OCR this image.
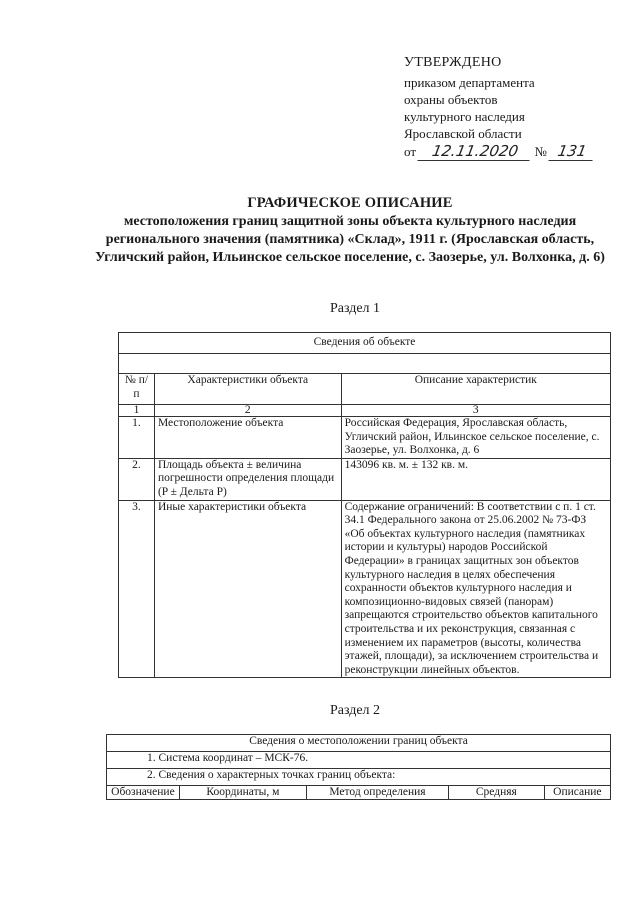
УТВЕРЖДЕНО
приказом департамента
охраны объектов
культурного наследия
Ярославской области
от 12.11.2020 № 131
ГРАФИЧЕСКОЕ ОПИСАНИЕ
местоположения границ защитной зоны объекта культурного наследия регионального значения (памятника) «Склад», 1911 г. (Ярославская область, Угличский район, Ильинское сельское поселение, с. Заозерье, ул. Волхонка, д. 6)
Раздел 1
Сведения об объекте		

№ п/п	Характеристики объекта	Описание характеристик
1	2	3
1.	Местоположение объекта	Российская Федерация, Ярославская область, Угличский район, Ильинское сельское поселение, с. Заозерье, ул. Волхонка, д. 6
2.	Площадь объекта ± величина погрешности определения площади (P ± Дельта P)	143096 кв. м. ± 132 кв. м.
3.	Иные характеристики объекта	Содержание ограничений: В соответствии с п. 1 ст. 34.1 Федерального закона от 25.06.2002 № 73-ФЗ «Об объектах культурного наследия (памятниках истории и культуры) народов Российской Федерации» в границах защитных зон объектов культурного наследия в целях обеспечения сохранности объектов культурного наследия и композиционно-видовых связей (панорам) запрещаются строительство объектов капитального строительства и их реконструкция, связанная с изменением их параметров (высоты, количества этажей, площади), за исключением строительства и реконструкции линейных объектов.
Раздел 2
Сведения о местоположении границ объекта
1. Система координат – МСК-76.
2. Сведения о характерных точках границ объекта:
Обозначение	Координаты, м	Метод определения	Средняя	Описание
